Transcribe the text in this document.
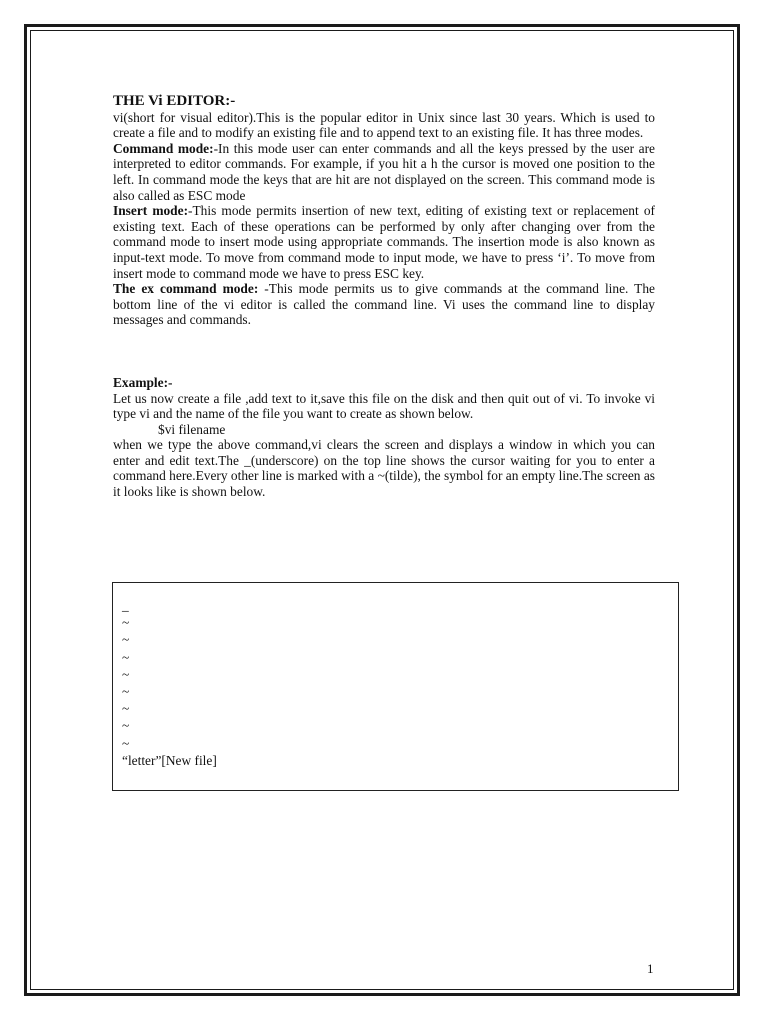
THE Vi EDITOR:-

vi(short for visual editor).This is the popular editor in Unix since last 30 years. Which is used to create a file and to modify an existing file and to append text to an existing file. It has three modes.

Command mode:-In this mode user can enter commands and all the keys pressed by the user are interpreted to editor commands. For example, if you hit a h the cursor is moved one position to the left. In command mode the keys that are hit are not displayed on the screen. This command mode is also called as ESC mode

Insert mode:-This mode permits insertion of new text, editing of existing text or replacement of existing text. Each of these operations can be performed by only after changing over from the command mode to insert mode using appropriate commands. The insertion mode is also known as input-text mode. To move from command mode to input mode, we have to press ‘i’. To move from insert mode to command mode we have to press ESC key.

The ex command mode: -This mode permits us to give commands at the command line. The bottom line of the vi editor is called the command line. Vi uses the command line to display messages and commands.

Example:-

Let us now create a file ,add text to it,save this file on the disk and then quit out of vi. To invoke vi type vi and the name of the file you want to create as shown below.

$vi filename

when we type the above command,vi clears the screen and displays a window in which you can enter and edit text.The _(underscore) on the top line shows the cursor waiting for you to enter a command here.Every other line is marked with a ~(tilde), the symbol for an empty line.The screen as it looks like is shown below.

_
~
~
~
~
~
~
~
~
“letter”[New file]
1
